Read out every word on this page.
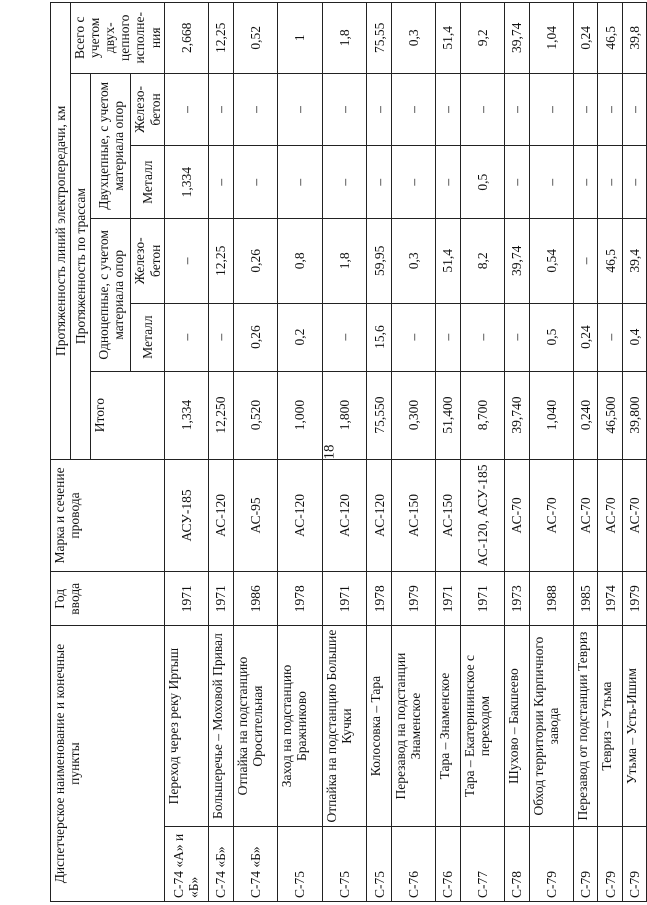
18
Диспетчерское наименование и конечные пункты		Год ввода	Марка и сечение провода	Протяженность линий электропередачи, км					
				Протяженность по трассам					Всего с учетом двух-цепного исполне-ния
				Итого	Одноцепные, с учетом материала опор		Двухцепные, с учетом материала опор		
					Металл	Железо-бетон	Металл	Железо-бетон	
С-74 «А» и «Б»	Переход через реку Иртыш	1971	АСУ-185	1,334	–	–	1,334	–	2,668
С-74 «Б»	Большеречье – Моховой Привал	1971	АС-120	12,250	–	12,25	–	–	12,25
С-74 «Б»	Отпайка на подстанцию Оросительная	1986	АС-95	0,520	0,26	0,26	–	–	0,52
С-75	Заход на подстанцию Бражниково	1978	АС-120	1,000	0,2	0,8	–	–	1
С-75	Отпайка на подстанцию Большие Кучки	1971	АС-120	1,800	–	1,8	–	–	1,8
С-75	Колосовка – Тара	1978	АС-120	75,550	15,6	59,95	–	–	75,55
С-76	Перезавод на подстанции Знаменское	1979	АС-150	0,300	–	0,3	–	–	0,3
С-76	Тара – Знаменское	1971	АС-150	51,400	–	51,4	–	–	51,4
С-77	Тара – Екатерининское с переходом	1971	АС-120, АСУ-185	8,700	–	8,2	0,5	–	9,2
С-78	Шухово – Бакшеево	1973	АС-70	39,740	–	39,74	–	–	39,74
С-79	Обход территории Кирпичного завода	1988	АС-70	1,040	0,5	0,54	–	–	1,04
С-79	Перезавод от подстанции Тевриз	1985	АС-70	0,240	0,24	–	–	–	0,24
С-79	Тевриз – Утьма	1974	АС-70	46,500	–	46,5	–	–	46,5
С-79	Утьма – Усть-Ишим	1979	АС-70	39,800	0,4	39,4	–	–	39,8
